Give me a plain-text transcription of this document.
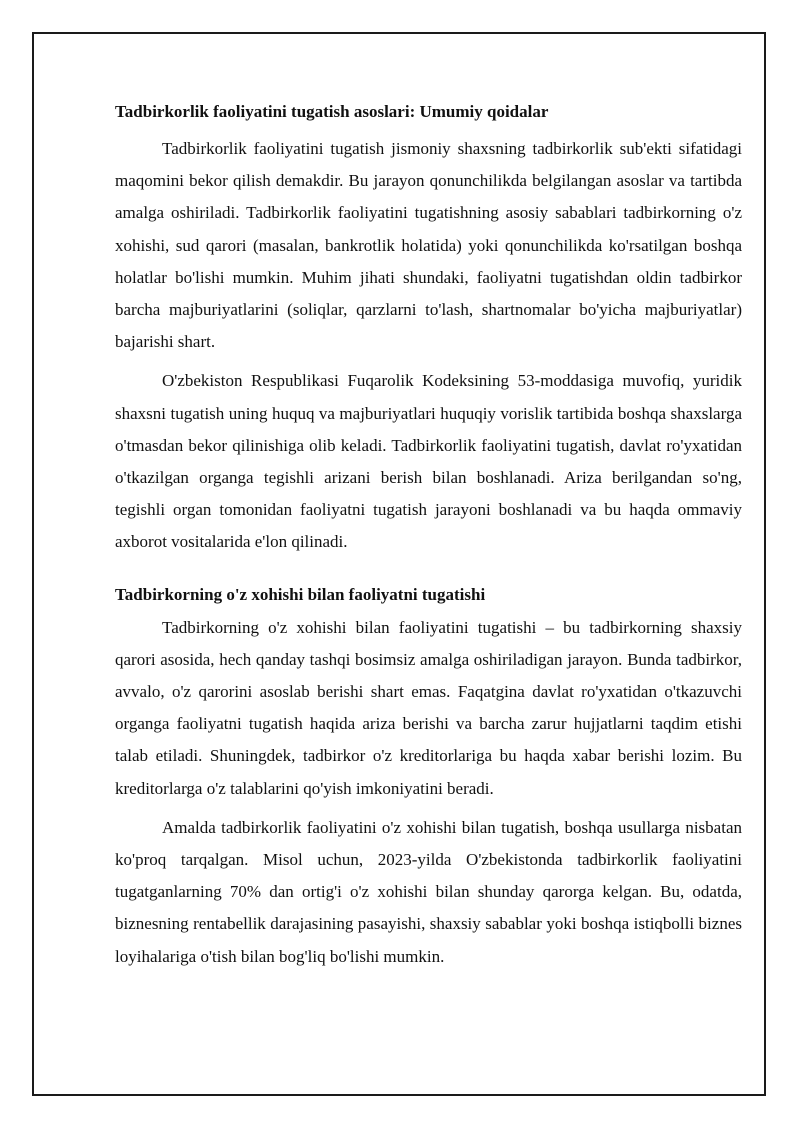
Tadbirkorlik faoliyatini tugatish asoslari: Umumiy qoidalar

Tadbirkorlik faoliyatini tugatish jismoniy shaxsning tadbirkorlik sub'ekti sifatidagi maqomini bekor qilish demakdir. Bu jarayon qonunchilikda belgilangan asoslar va tartibda amalga oshiriladi. Tadbirkorlik faoliyatini tugatishning asosiy sabablari tadbirkorning o'z xohishi, sud qarori (masalan, bankrotlik holatida) yoki qonunchilikda ko'rsatilgan boshqa holatlar bo'lishi mumkin. Muhim jihati shundaki, faoliyatni tugatishdan oldin tadbirkor barcha majburiyatlarini (soliqlar, qarzlarni to'lash, shartnomalar bo'yicha majburiyatlar) bajarishi shart.

O'zbekiston Respublikasi Fuqarolik Kodeksining 53-moddasiga muvofiq, yuridik shaxsni tugatish uning huquq va majburiyatlari huquqiy vorislik tartibida boshqa shaxslarga o'tmasdan bekor qilinishiga olib keladi. Tadbirkorlik faoliyatini tugatish, davlat ro'yxatidan o'tkazilgan organga tegishli arizani berish bilan boshlanadi. Ariza berilgandan so'ng, tegishli organ tomonidan faoliyatni tugatish jarayoni boshlanadi va bu haqda ommaviy axborot vositalarida e'lon qilinadi.

Tadbirkorning o'z xohishi bilan faoliyatni tugatishi

Tadbirkorning o'z xohishi bilan faoliyatini tugatishi – bu tadbirkorning shaxsiy qarori asosida, hech qanday tashqi bosimsiz amalga oshiriladigan jarayon. Bunda tadbirkor, avvalo, o'z qarorini asoslab berishi shart emas. Faqatgina davlat ro'yxatidan o'tkazuvchi organga faoliyatni tugatish haqida ariza berishi va barcha zarur hujjatlarni taqdim etishi talab etiladi. Shuningdek, tadbirkor o'z kreditorlariga bu haqda xabar berishi lozim. Bu kreditorlarga o'z talablarini qo'yish imkoniyatini beradi.

Amalda tadbirkorlik faoliyatini o'z xohishi bilan tugatish, boshqa usullarga nisbatan ko'proq tarqalgan. Misol uchun, 2023-yilda O'zbekistonda tadbirkorlik faoliyatini tugatganlarning 70% dan ortig'i o'z xohishi bilan shunday qarorga kelgan. Bu, odatda, biznesning rentabellik darajasining pasayishi, shaxsiy sabablar yoki boshqa istiqbolli biznes loyihalariga o'tish bilan bog'liq bo'lishi mumkin.
